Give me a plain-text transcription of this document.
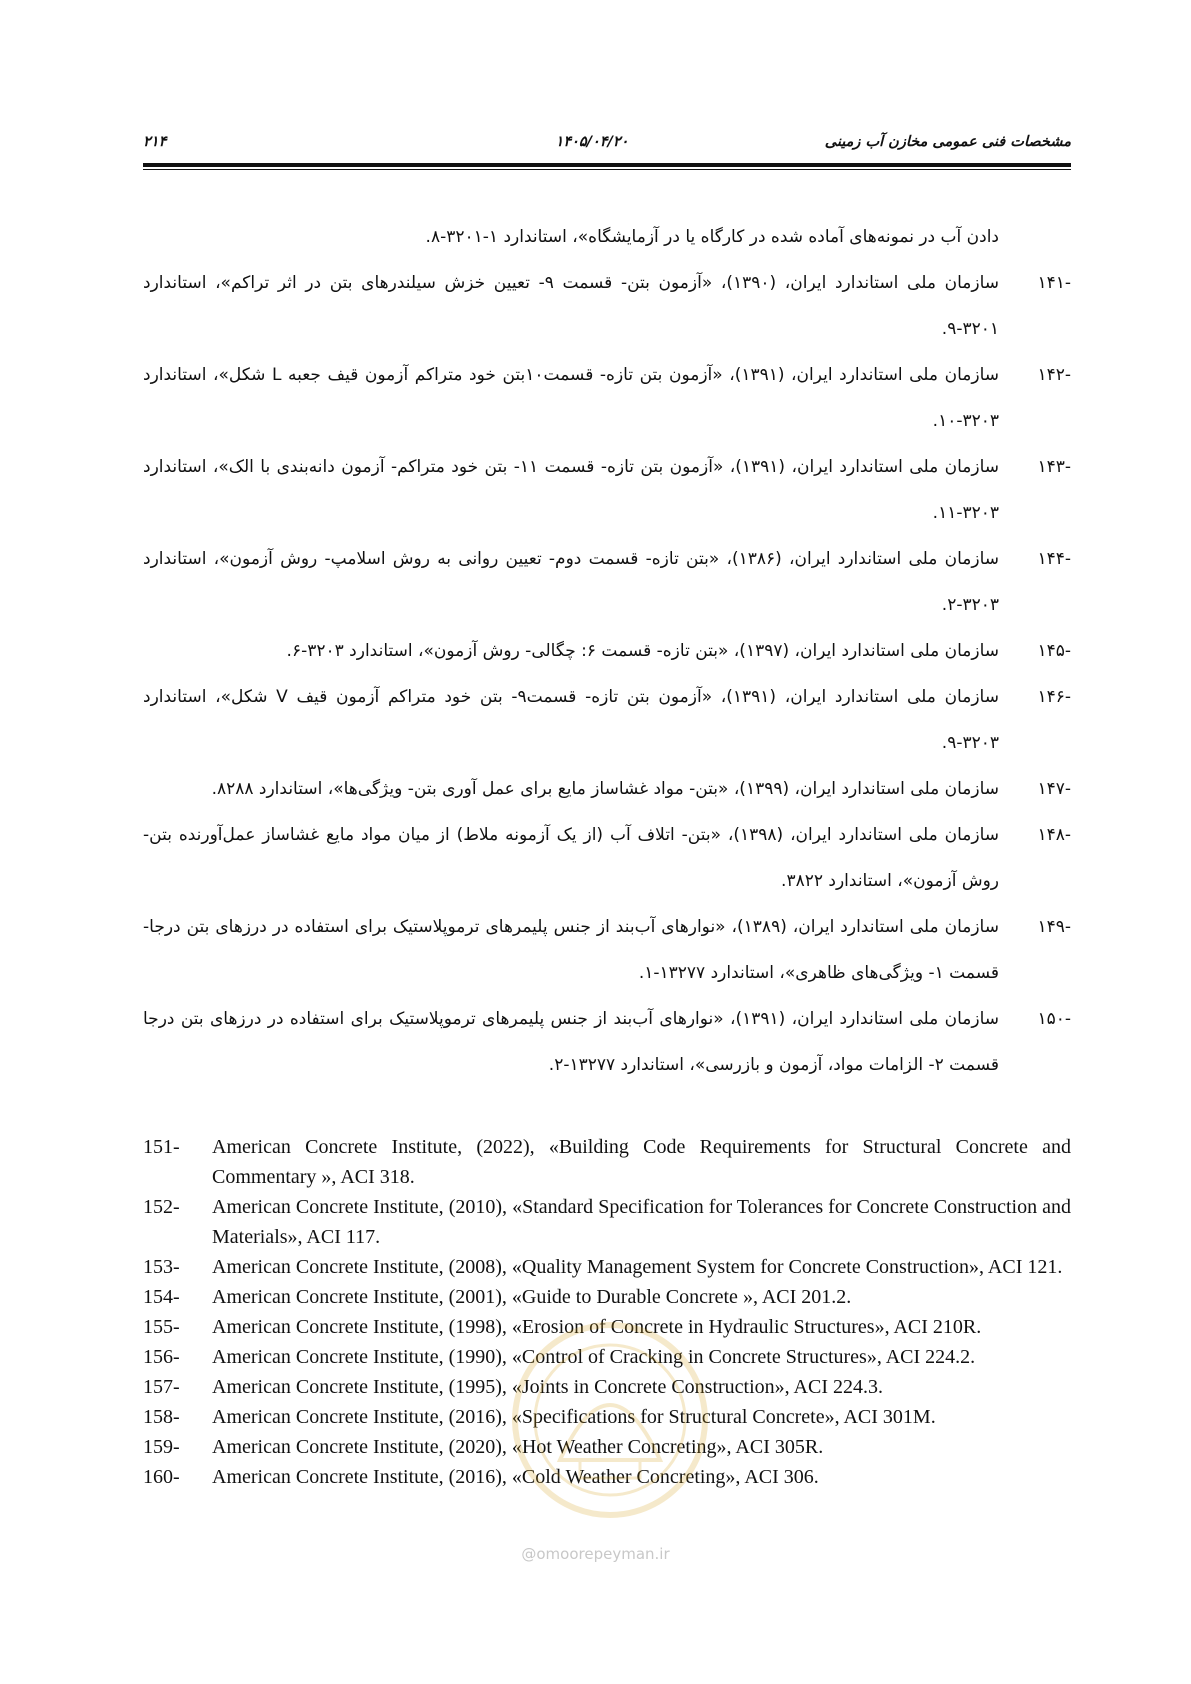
مشخصات فنی عمومی مخازن آب زمینی
۱۴۰۵/۰۴/۲۰
۲۱۴
دادن آب در نمونه‌های آماده شده در کارگاه یا در آزمایشگاه»، استاندارد ۱-۳۲۰۱-۸.
-۱۴۱
سازمان ملی استاندارد ایران، (۱۳۹۰)، «آزمون بتن- قسمت ۹- تعیین خزش سیلندرهای بتن در اثر تراکم»، استاندارد ۳۲۰۱-۹.
-۱۴۲
سازمان ملی استاندارد ایران، (۱۳۹۱)، «آزمون بتن تازه- قسمت۱۰بتن خود متراکم آزمون قیف جعبه L شکل»، استاندارد ۳۲۰۳-۱۰.
-۱۴۳
سازمان ملی استاندارد ایران، (۱۳۹۱)، «آزمون بتن تازه- قسمت ۱۱- بتن خود متراکم- آزمون دانه‌بندی با الک»، استاندارد ۳۲۰۳-۱۱.
-۱۴۴
سازمان ملی استاندارد ایران، (۱۳۸۶)، «بتن تازه- قسمت دوم- تعیین روانی به روش اسلامپ- روش آزمون»، استاندارد ۳۲۰۳-۲.
-۱۴۵
سازمان ملی استاندارد ایران، (۱۳۹۷)، «بتن تازه- قسمت ۶: چگالی- روش آزمون»، استاندارد ۳۲۰۳-۶.
-۱۴۶
سازمان ملی استاندارد ایران، (۱۳۹۱)، «آزمون بتن تازه- قسمت۹- بتن خود متراکم آزمون قیف V شکل»، استاندارد ۳۲۰۳-۹.
-۱۴۷
سازمان ملی استاندارد ایران، (۱۳۹۹)، «بتن- مواد غشاساز مایع برای عمل آوری بتن- ویژگی‌ها»، استاندارد ۸۲۸۸.
-۱۴۸
سازمان ملی استاندارد ایران، (۱۳۹۸)، «بتن- اتلاف آب (از یک آزمونه ملاط) از میان مواد مایع غشاساز عمل‌آورنده بتن-روش آزمون»، استاندارد ۳۸۲۲.
-۱۴۹
سازمان ملی استاندارد ایران، (۱۳۸۹)، «نوارهای آب‌بند از جنس پلیمرهای ترموپلاستیک برای استفاده در درزهای بتن درجا- قسمت ۱- ویژگی‌های ظاهری»، استاندارد ۱۳۲۷۷-۱.
-۱۵۰
سازمان ملی استاندارد ایران، (۱۳۹۱)، «نوارهای آب‌بند از جنس پلیمرهای ترموپلاستیک برای استفاده در درزهای بتن درجا قسمت ۲- الزامات مواد، آزمون و بازرسی»، استاندارد ۱۳۲۷۷-۲.
151-	American Concrete Institute, (2022), «Building Code Requirements for Structural Concrete and Commentary », ACI 318.
152-	American Concrete Institute, (2010), «Standard Specification for Tolerances for Concrete Construction and Materials», ACI 117.
153-	American Concrete Institute, (2008), «Quality Management System for Concrete Construction», ACI 121.
154-	American Concrete Institute, (2001), «Guide to Durable Concrete », ACI 201.2.
155-	American Concrete Institute, (1998), «Erosion of Concrete in Hydraulic Structures», ACI 210R.
156-	American Concrete Institute, (1990), «Control of Cracking in Concrete Structures», ACI 224.2.
157-	American Concrete Institute, (1995), «Joints in Concrete Construction», ACI 224.3.
158-	American Concrete Institute, (2016), «Specifications for Structural Concrete», ACI 301M.
159-	American Concrete Institute, (2020), «Hot Weather Concreting», ACI 305R.
160-	American Concrete Institute, (2016), «Cold Weather Concreting», ACI 306.
@omoorepeyman.ir
